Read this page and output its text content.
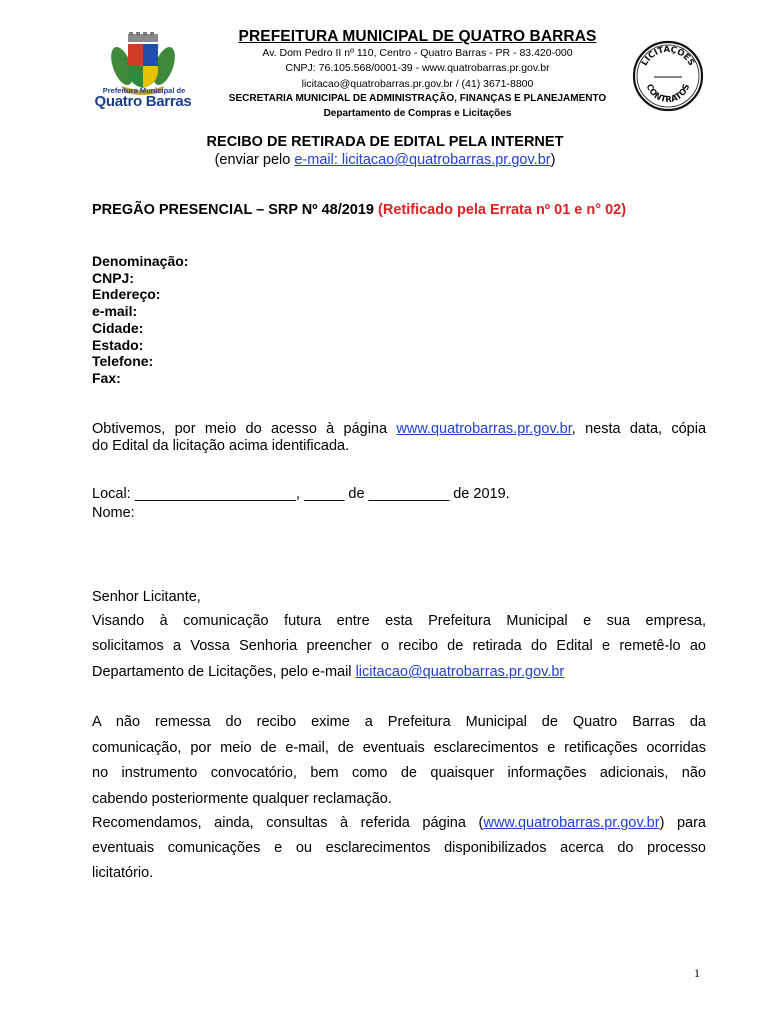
Prefeitura Municipal de
Quatro Barras
PREFEITURA MUNICIPAL DE QUATRO BARRAS
Av. Dom Pedro II nº 110, Centro - Quatro Barras - PR - 83.420-000
CNPJ: 76.105.568/0001-39 - www.quatrobarras.pr.gov.br
licitacao@quatrobarras.pr.gov.br / (41) 3671-8800
SECRETARIA MUNICIPAL DE ADMINISTRAÇÃO, FINANÇAS E PLANEJAMENTO
Departamento de Compras e Licitações
LICITAÇÕES
CONTRATOS
RECIBO DE RETIRADA DE EDITAL PELA INTERNET
(enviar pelo e-mail: licitacao@quatrobarras.pr.gov.br)
PREGÃO PRESENCIAL – SRP Nº 48/2019 (Retificado pela Errata nº 01 e n° 02)
Denominação:
CNPJ:
Endereço:
e-mail:
Cidade:
Estado:
Telefone:
Fax:
Obtivemos, por meio do acesso à página www.quatrobarras.pr.gov.br, nesta data, cópia
do Edital da licitação acima identificada.
Local: ____________________, _____ de __________ de 2019.
Nome:
Senhor Licitante,
Visando à comunicação futura entre esta Prefeitura Municipal e sua empresa,
solicitamos a Vossa Senhoria preencher o recibo de retirada do Edital e remetê-lo ao
Departamento de Licitações, pelo e-mail licitacao@quatrobarras.pr.gov.br
A não remessa do recibo exime a Prefeitura Municipal de Quatro Barras da
comunicação, por meio de e-mail, de eventuais esclarecimentos e retificações ocorridas
no instrumento convocatório, bem como de quaisquer informações adicionais, não
cabendo posteriormente qualquer reclamação.
Recomendamos, ainda, consultas à referida página (www.quatrobarras.pr.gov.br) para
eventuais comunicações e ou esclarecimentos disponibilizados acerca do processo
licitatório.
1
